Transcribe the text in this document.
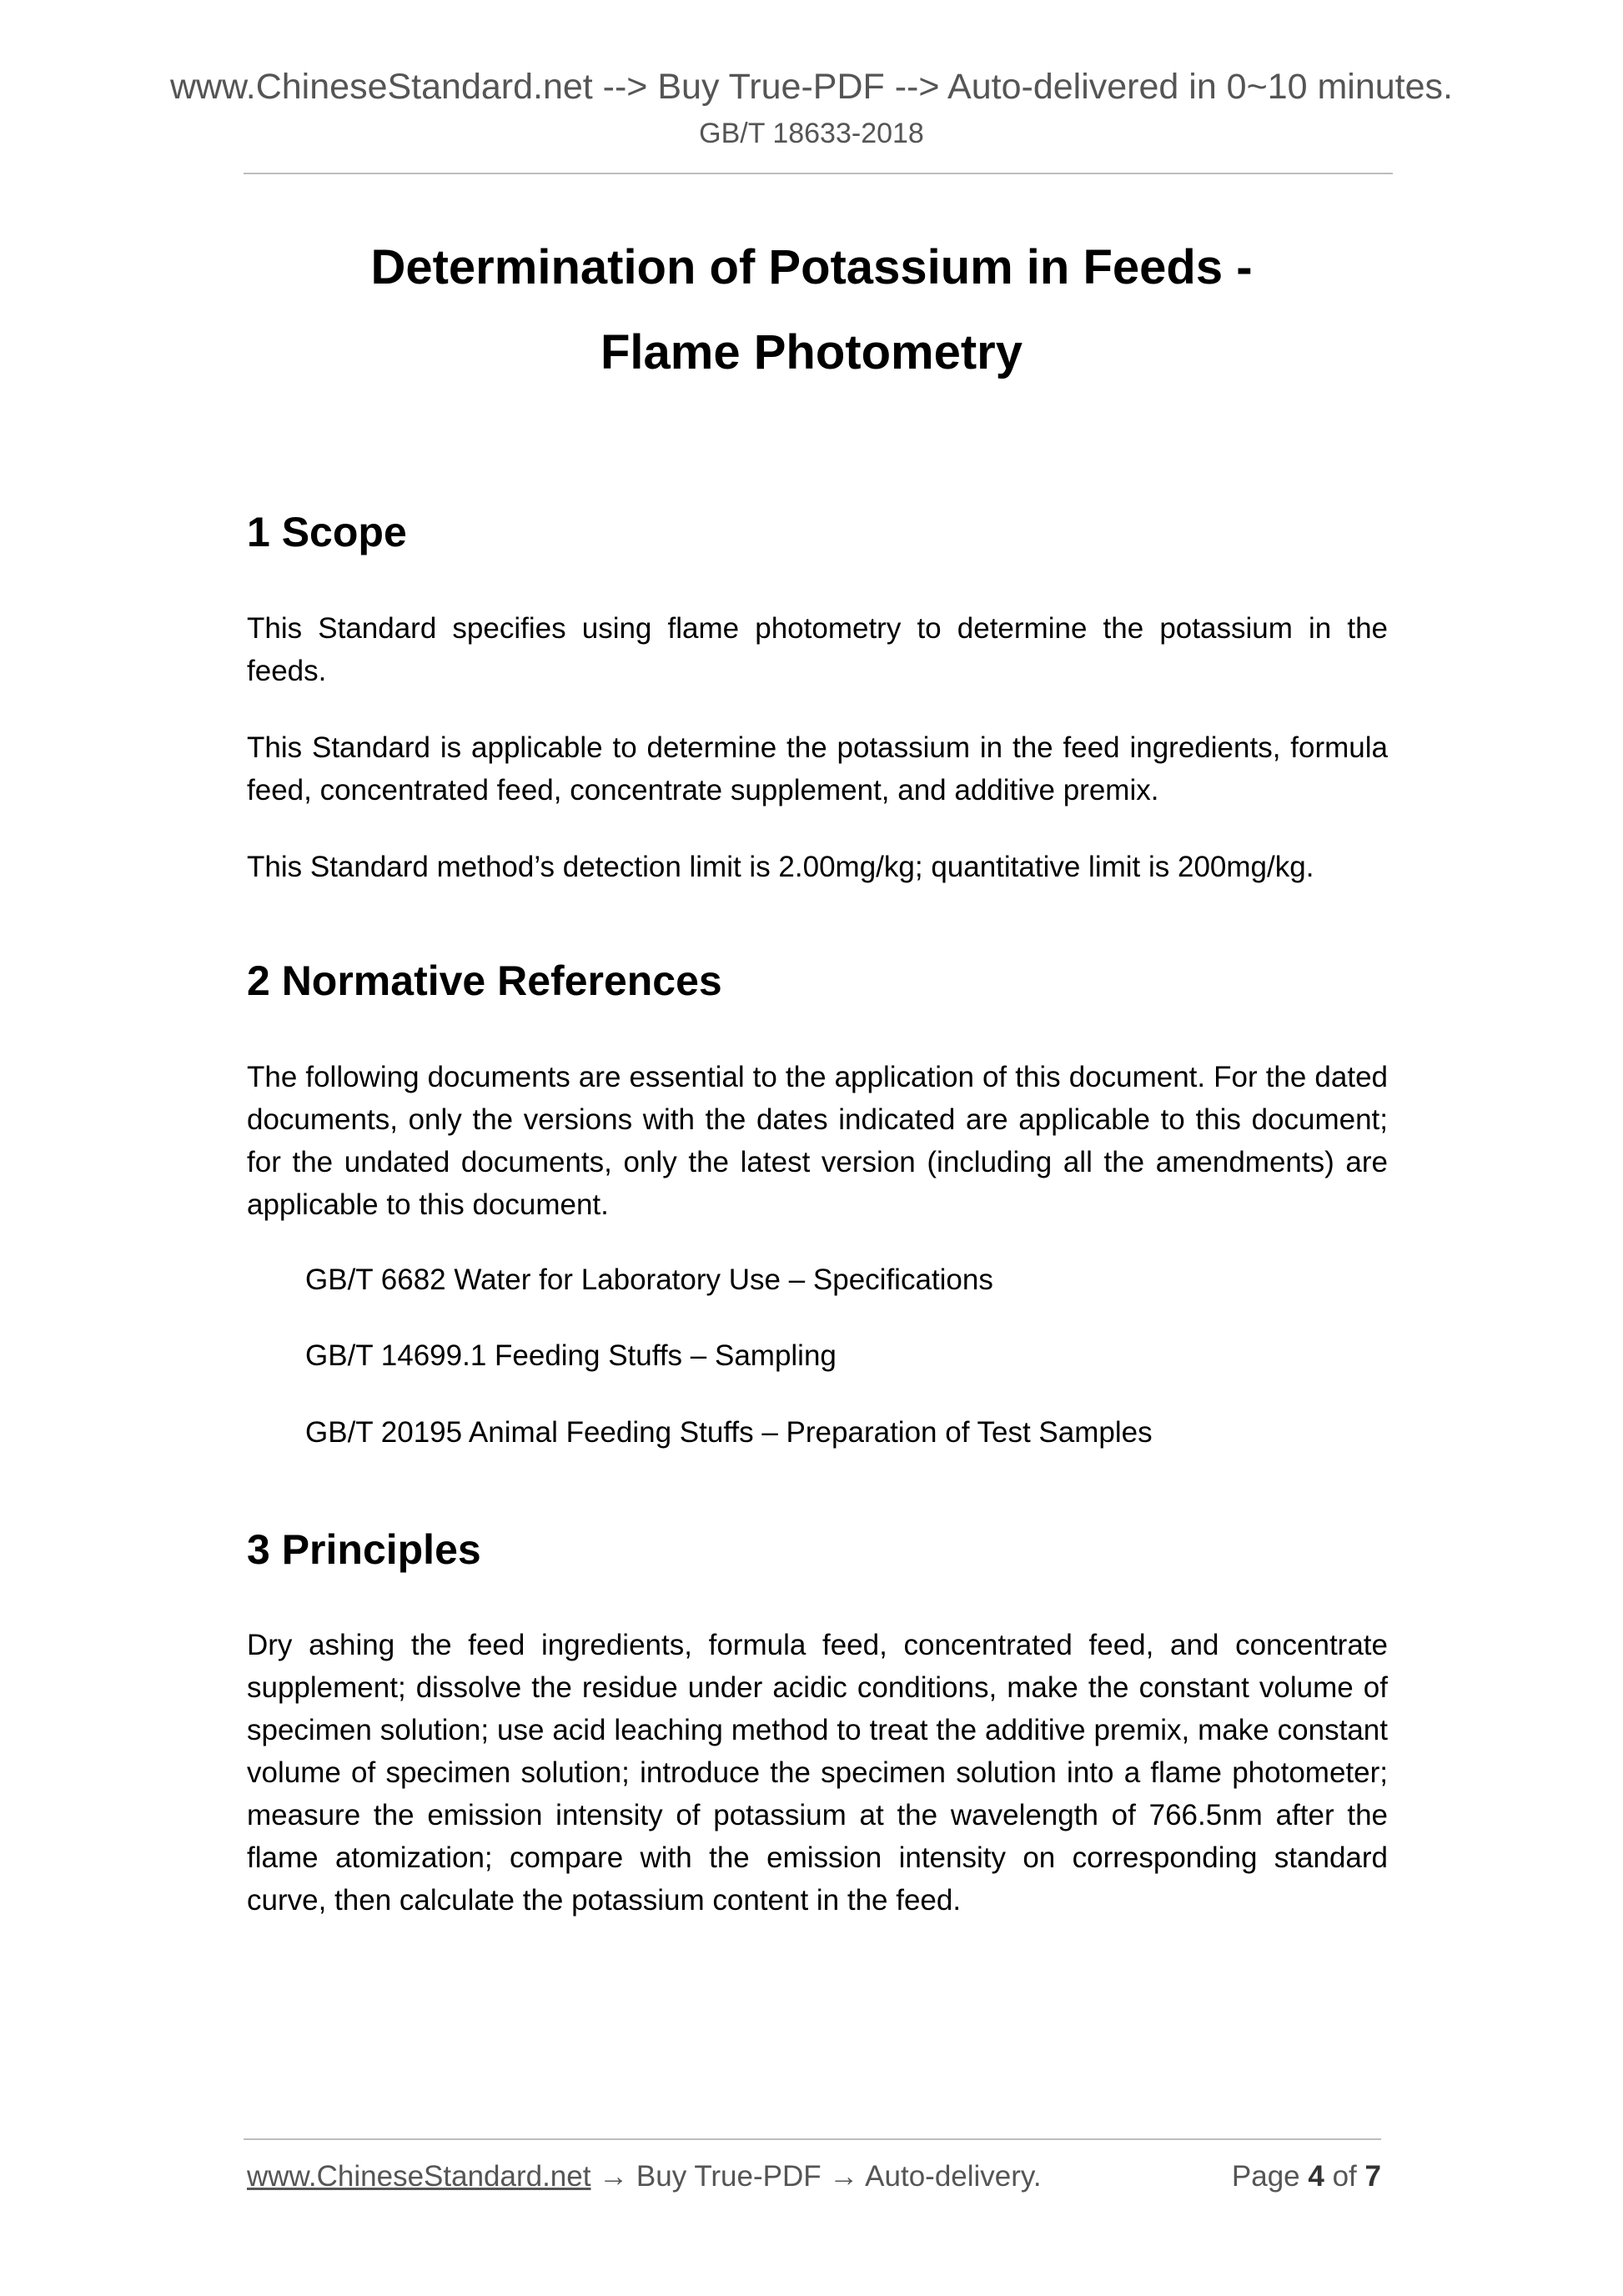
www.ChineseStandard.net --> Buy True-PDF --> Auto-delivered in 0~10 minutes.
GB/T 18633-2018
Determination of Potassium in Feeds -
Flame Photometry
1 Scope
This Standard specifies using flame photometry to determine the potassium in the feeds.
This Standard is applicable to determine the potassium in the feed ingredients, formula feed, concentrated feed, concentrate supplement, and additive premix.
This Standard method’s detection limit is 2.00mg/kg; quantitative limit is 200mg/kg.
2 Normative References
The following documents are essential to the application of this document. For the dated documents, only the versions with the dates indicated are applicable to this document; for the undated documents, only the latest version (including all the amendments) are applicable to this document.
GB/T 6682 Water for Laboratory Use – Specifications
GB/T 14699.1 Feeding Stuffs – Sampling
GB/T 20195 Animal Feeding Stuffs – Preparation of Test Samples
3 Principles
Dry ashing the feed ingredients, formula feed, concentrated feed, and concentrate supplement; dissolve the residue under acidic conditions, make the constant volume of specimen solution; use acid leaching method to treat the additive premix, make constant volume of specimen solution; introduce the specimen solution into a flame photometer; measure the emission intensity of potassium at the wavelength of 766.5nm after the flame atomization; compare with the emission intensity on corresponding standard curve, then calculate the potassium content in the feed.
www.ChineseStandard.net → Buy True-PDF → Auto-delivery.	Page 4 of 7
